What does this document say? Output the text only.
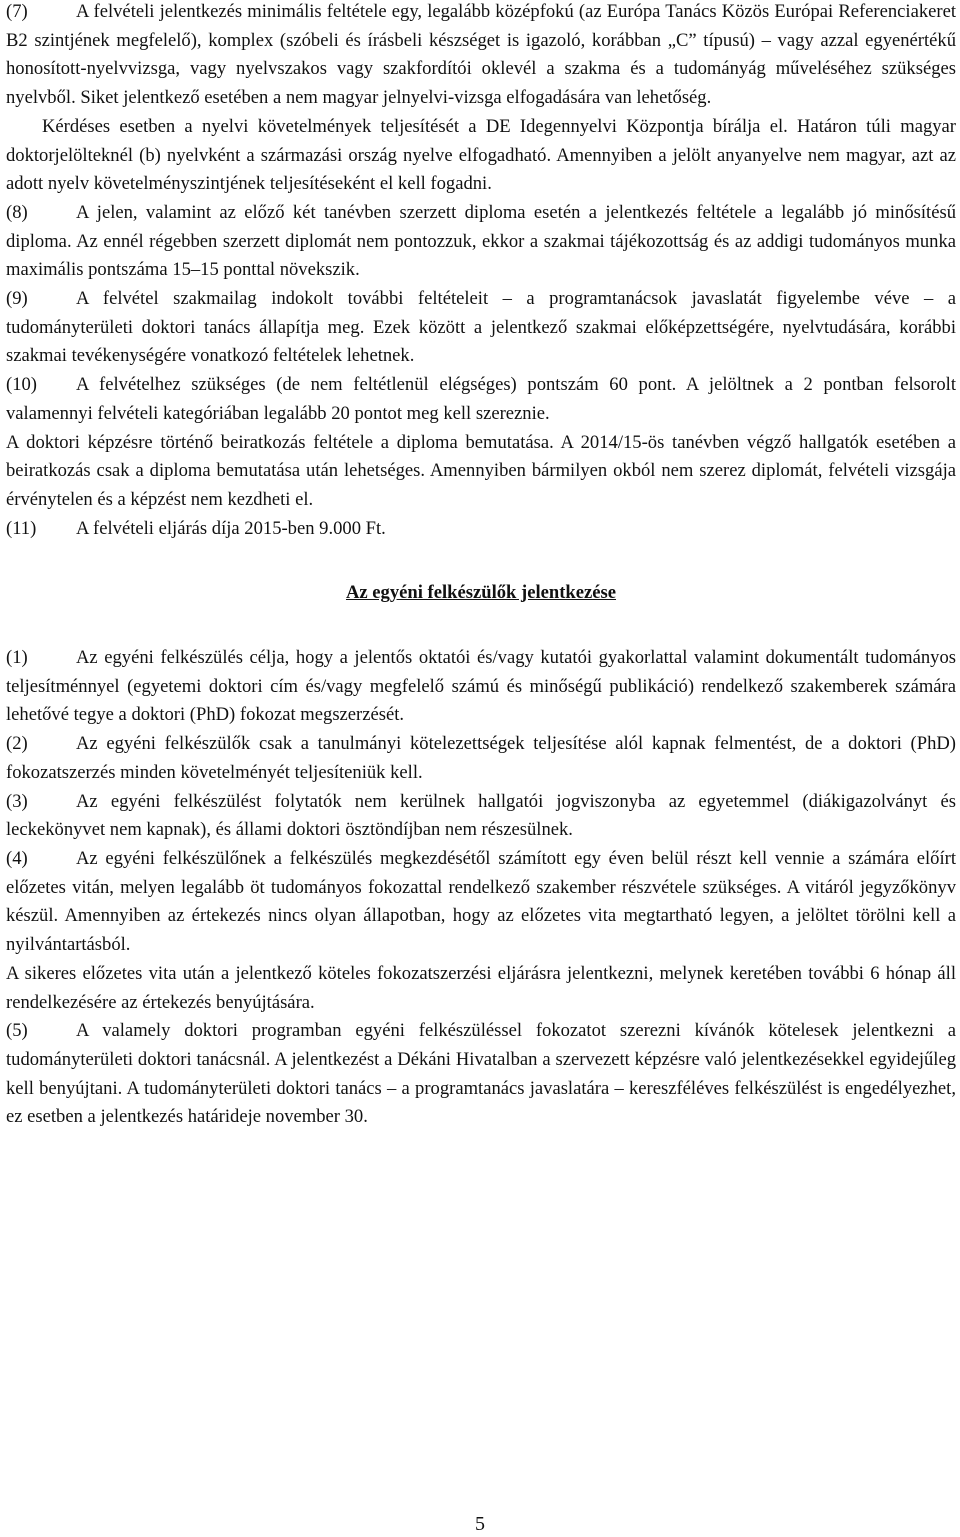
(7)	A felvételi jelentkezés minimális feltétele egy, legalább középfokú (az Európa Tanács Közös Európai Referenciakeret B2 szintjének megfelelő), komplex (szóbeli és írásbeli készséget is igazoló, korábban „C” típusú) – vagy azzal egyenértékű honosított-nyelvvizsga, vagy nyelvszakos vagy szakfordítói oklevél a szakma és a tudományág műveléséhez szükséges nyelvből. Siket jelentkező esetében a nem magyar jelnyelvi-vizsga elfogadására van lehetőség.

Kérdéses esetben a nyelvi követelmények teljesítését a DE Idegennyelvi Központja bírálja el. Határon túli magyar doktorjelölteknél (b) nyelvként a származási ország nyelve elfogadható. Amennyiben a jelölt anyanyelve nem magyar, azt az adott nyelv követelményszintjének teljesítéseként el kell fogadni.

(8)	A jelen, valamint az előző két tanévben szerzett diploma esetén a jelentkezés feltétele a legalább jó minősítésű diploma. Az ennél régebben szerzett diplomát nem pontozzuk, ekkor a szakmai tájékozottság és az addigi tudományos munka maximális pontszáma 15–15 ponttal növekszik.

(9)	A felvétel szakmailag indokolt további feltételeit – a programtanácsok javaslatát figyelembe véve – a tudományterületi doktori tanács állapítja meg. Ezek között a jelentkező szakmai előképzettségére, nyelvtudására, korábbi szakmai tevékenységére vonatkozó feltételek lehetnek.

(10) A felvételhez szükséges (de nem feltétlenül elégséges) pontszám 60 pont. A jelöltnek a 2 pontban felsorolt valamennyi felvételi kategóriában legalább 20 pontot meg kell szereznie.

A doktori képzésre történő beiratkozás feltétele a diploma bemutatása. A 2014/15-ös tanévben végző hallgatók esetében a beiratkozás csak a diploma bemutatása után lehetséges. Amennyiben bármilyen okból nem szerez diplomát, felvételi vizsgája érvénytelen és a képzést nem kezdheti el.

(11) A felvételi eljárás díja 2015-ben 9.000 Ft.

Az egyéni felkészülők jelentkezése

(1)	Az egyéni felkészülés célja, hogy a jelentős oktatói és/vagy kutatói gyakorlattal valamint dokumentált tudományos teljesítménnyel (egyetemi doktori cím és/vagy megfelelő számú és minőségű publikáció) rendelkező szakemberek számára lehetővé tegye a doktori (PhD) fokozat megszerzését.

(2)	Az egyéni felkészülők csak a tanulmányi kötelezettségek teljesítése alól kapnak felmentést, de a doktori (PhD) fokozatszerzés minden követelményét teljesíteniük kell.

(3)	Az egyéni felkészülést folytatók nem kerülnek hallgatói jogviszonyba az egyetemmel (diákigazolványt és leckekönyvet nem kapnak), és állami doktori ösztöndíjban nem részesülnek.

(4)	Az egyéni felkészülőnek a felkészülés megkezdésétől számított egy éven belül részt kell vennie a számára előírt előzetes vitán, melyen legalább öt tudományos fokozattal rendelkező szakember részvétele szükséges. A vitáról jegyzőkönyv készül. Amennyiben az értekezés nincs olyan állapotban, hogy az előzetes vita megtartható legyen, a jelöltet törölni kell a nyilvántartásból.

A sikeres előzetes vita után a jelentkező köteles fokozatszerzési eljárásra jelentkezni, melynek keretében további 6 hónap áll rendelkezésére az értekezés benyújtására.

(5)	A valamely doktori programban egyéni felkészüléssel fokozatot szerezni kívánók kötelesek jelentkezni a tudományterületi doktori tanácsnál. A jelentkezést a Dékáni Hivatalban a szervezett képzésre való jelentkezésekkel egyidejűleg kell benyújtani. A tudományterületi doktori tanács – a programtanács javaslatára – kereszféléves felkészülést is engedélyezhet, ez esetben a jelentkezés határideje november 30.

5
